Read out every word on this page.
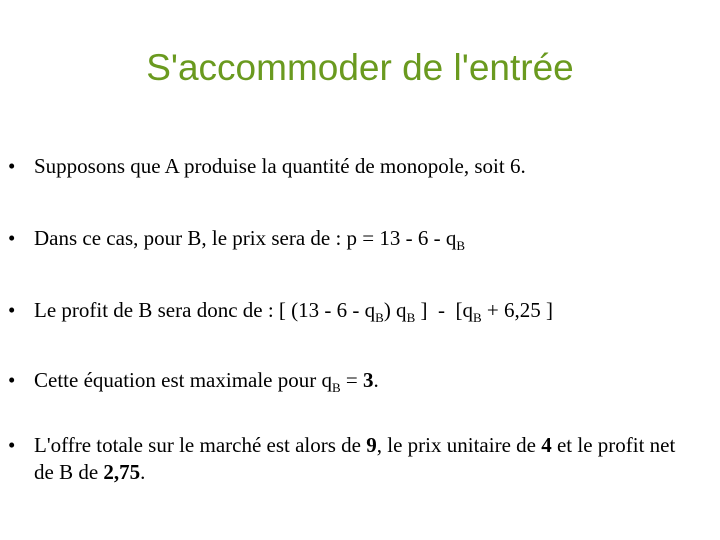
S'accommoder de l'entrée
• Supposons que A produise la quantité de monopole, soit 6.
• Dans ce cas, pour B, le prix sera de : $p = 13 - 6 - q_B$
• Le profit de B sera donc de : [ $(13 - 6 - q_B)$ $q_B$ ]  -  [$q_B + 6,25$ ]
• Cette équation est maximale pour $q_B = 3$.
• L'offre totale sur le marché est alors de 9, le prix unitaire de 4 et le profit net de B de 2,75.
